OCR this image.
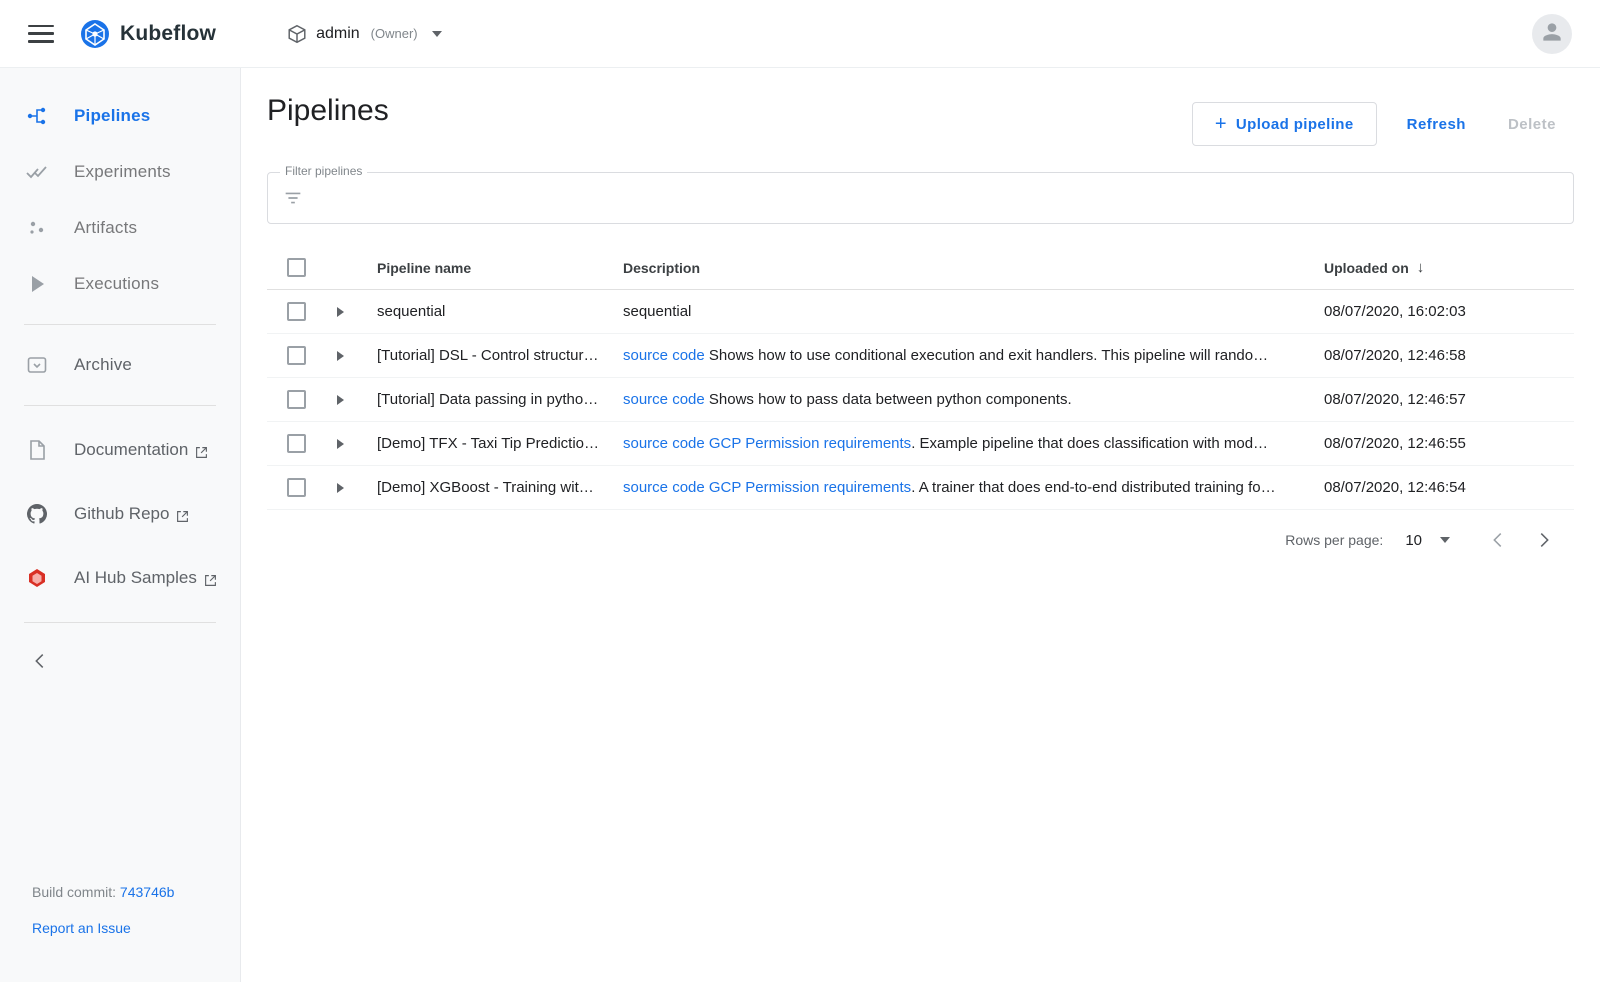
Kubeflow	admin (Owner)
Pipelines
Experiments
Artifacts
Executions
Archive
Documentation
Github Repo
AI Hub Samples
Build commit: 743746b
Report an Issue
Pipelines	+ Upload pipeline	Refresh	Delete
Filter pipelines
Pipeline name	Description	Uploaded on ↓
sequential	sequential	08/07/2020, 16:02:03
[Tutorial] DSL - Control structur…	source code Shows how to use conditional execution and exit handlers. This pipeline will rando…	08/07/2020, 12:46:58
[Tutorial] Data passing in pytho…	source code Shows how to pass data between python components.	08/07/2020, 12:46:57
[Demo] TFX - Taxi Tip Predictio…	source code GCP Permission requirements. Example pipeline that does classification with mod…	08/07/2020, 12:46:55
[Demo] XGBoost - Training wit…	source code GCP Permission requirements. A trainer that does end-to-end distributed training fo…	08/07/2020, 12:46:54
Rows per page: 10
